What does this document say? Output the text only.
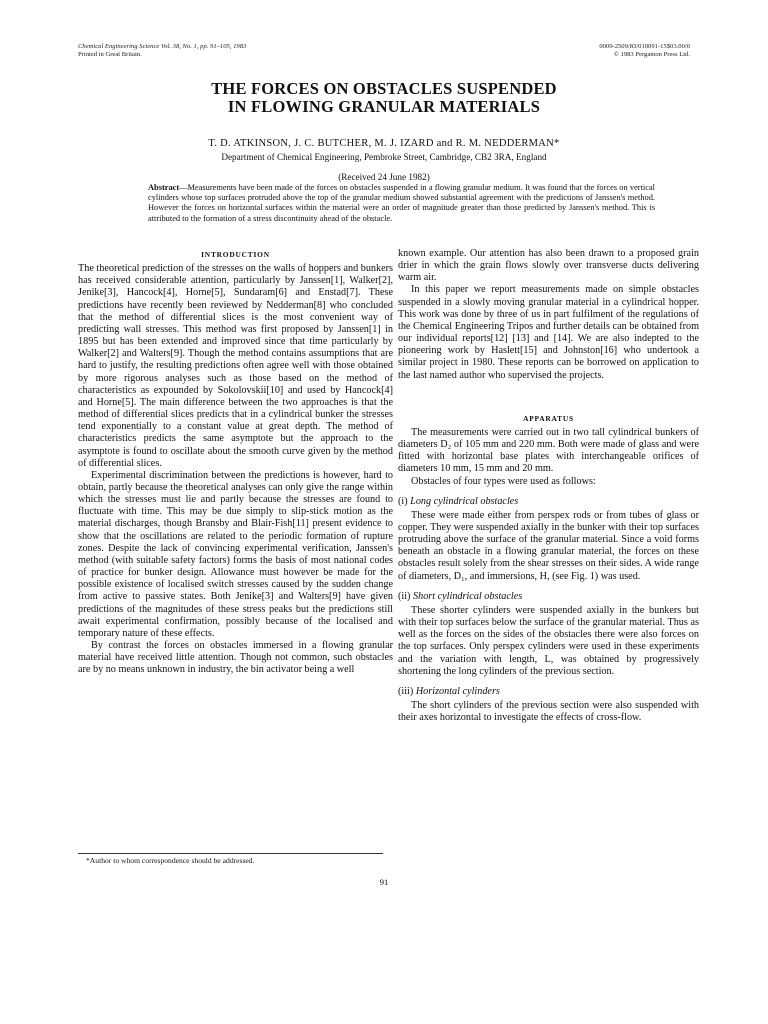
Chemical Engineering Science Vol. 38, No. 1, pp. 91–105, 1983
Printed in Great Britain.
0009-2509/83/010091-15$03.00/0
© 1983 Pergamon Press Ltd.
THE FORCES ON OBSTACLES SUSPENDED
IN FLOWING GRANULAR MATERIALS
T. D. ATKINSON, J. C. BUTCHER, M. J. IZARD and R. M. NEDDERMAN*
Department of Chemical Engineering, Pembroke Street, Cambridge, CB2 3RA, England
(Received 24 June 1982)
Abstract—Measurements have been made of the forces on obstacles suspended in a flowing granular medium. It was found that the forces on vertical cylinders whose top surfaces protruded above the top of the granular medium showed substantial agreement with the predictions of Janssen's method. However the forces on horizontal surfaces within the material were an order of magnitude greater than those predicted by Janssen's method. This is attributed to the formation of a stress discontinuity ahead of the obstacle.
INTRODUCTION

The theoretical prediction of the stresses on the walls of hoppers and bunkers has received considerable attention, particularly by Janssen[1], Walker[2], Jenike[3], Hancock[4], Horne[5], Sundaram[6] and Enstad[7]. These predictions have recently been reviewed by Nedderman[8] who concluded that the method of differential slices is the most convenient way of predicting wall stresses. This method was first proposed by Janssen[1] in 1895 but has been extended and improved since that time particularly by Walker[2] and Walters[9]. Though the method contains assumptions that are hard to justify, the resulting predictions often agree well with those obtained by more rigorous analyses such as those based on the method of characteristics as expounded by Sokolovskii[10] and used by Hancock[4] and Horne[5]. The main difference between the two approaches is that the method of differential slices predicts that in a cylindrical bunker the stresses tend exponentially to a constant value at great depth. The method of characteristics predicts the same asymptote but the approach to the asymptote is found to oscillate about the smooth curve given by the method of differential slices.

Experimental discrimination between the predictions is however, hard to obtain, partly because the theoretical analyses can only give the range within which the stresses must lie and partly because the stresses are found to fluctuate with time. This may be due simply to slip-stick motion as the material discharges, though Bransby and Blair-Fish[11] present evidence to show that the oscillations are related to the periodic formation of rupture zones. Despite the lack of convincing experimental verification, Janssen's method (with suitable safety factors) forms the basis of most national codes of practice for bunker design. Allowance must however be made for the possible existence of localised switch stresses caused by the sudden change from active to passive states. Both Jenike[3] and Walters[9] have given predictions of the magnitudes of these stress peaks but the predictions still await experimental confirmation, possibly because of the localised and temporary nature of these effects.

By contrast the forces on obstacles immersed in a flowing granular material have received little attention. Though not common, such obstacles are by no means unknown in industry, the bin activator being a well

known example. Our attention has also been drawn to a proposed grain drier in which the grain flows slowly over transverse ducts delivering warm air.

In this paper we report measurements made on simple obstacles suspended in a slowly moving granular material in a cylindrical hopper. This work was done by three of us in part fulfilment of the regulations of the Chemical Engineering Tripos and further details can be obtained from our individual reports[12] [13] and [14]. We are also indepted to the pioneering work by Haslett[15] and Johnston[16] who undertook a similar project in 1980. These reports can be borrowed on application to the last named author who supervised the projects.

APPARATUS

The measurements were carried out in two tall cylindrical bunkers of diameters D₂ of 105 mm and 220 mm. Both were made of glass and were fitted with horizontal base plates with interchangeable orifices of diameters 10 mm, 15 mm and 20 mm.

Obstacles of four types were used as follows:

(i) Long cylindrical obstacles

These were made either from perspex rods or from tubes of glass or copper. They were suspended axially in the bunker with their top surfaces protruding above the surface of the granular material. Since a void forms beneath an obstacle in a flowing granular material, the forces on these obstacles result solely from the shear stresses on their sides. A wide range of diameters, D₁, and immersions, H, (see Fig. 1) was used.

(ii) Short cylindrical obstacles

These shorter cylinders were suspended axially in the bunkers but with their top surfaces below the surface of the granular material. Thus as well as the forces on the sides of the obstacles there were also forces on the top surfaces. Only perspex cylinders were used in these experiments and the variation with length, L, was obtained by progressively shortening the long cylinders of the previous section.

(iii) Horizontal cylinders

The short cylinders of the previous section were also suspended with their axes horizontal to investigate the effects of cross-flow.

*Author to whom correspondence should be addressed.
91
